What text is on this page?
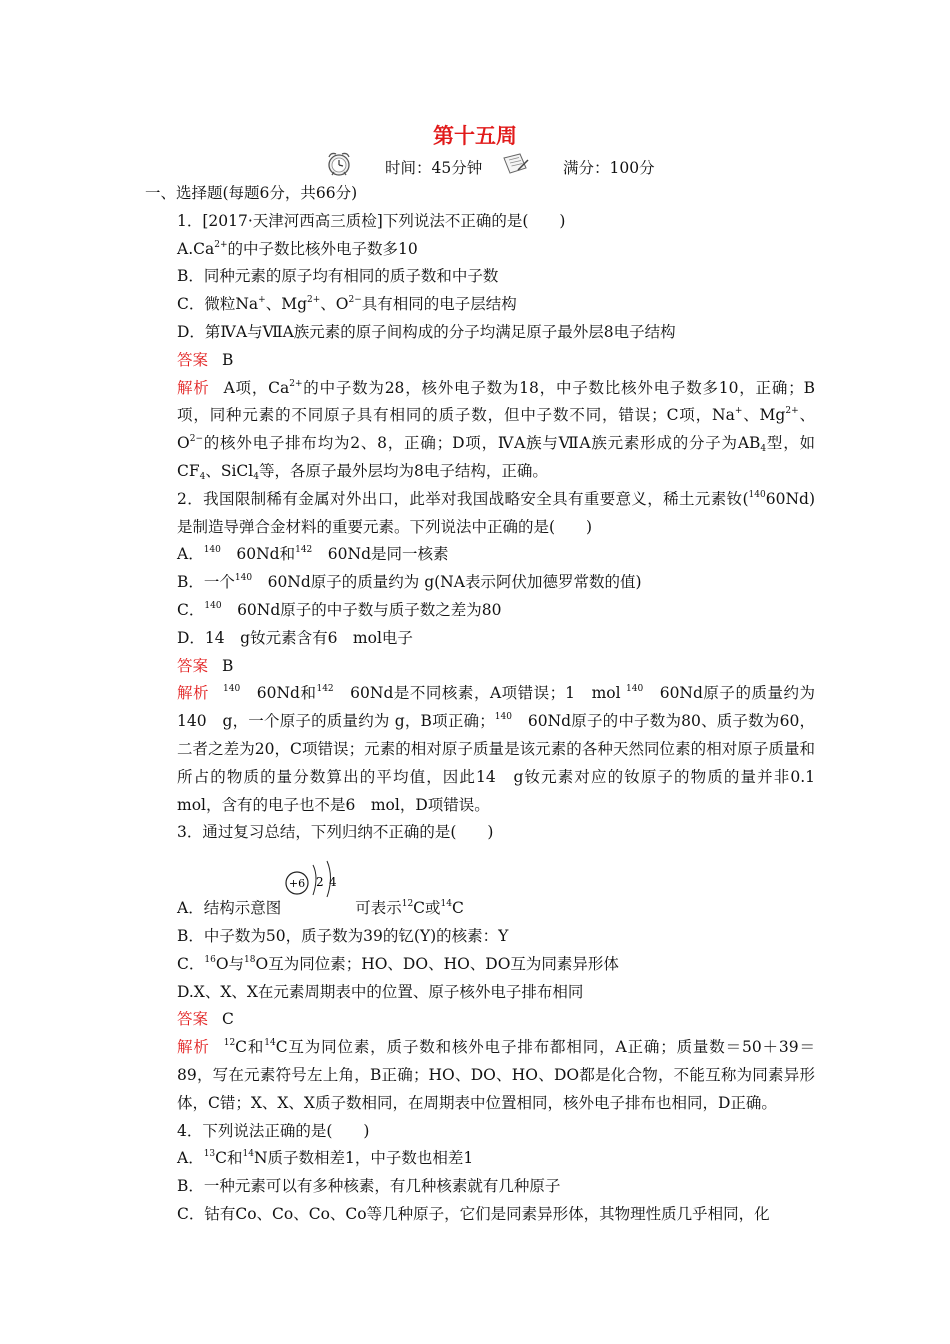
第十五周
时间：45分钟	满分：100分

一、选择题(每题6分，共66分)

1．[2017·天津河西高三质检]下列说法不正确的是(　　)

$A.Ca^{2+}$的中子数比核外电子数多10

B．同种元素的原子均有相同的质子数和中子数

C．微粒Na+、$Mg^{2+}$、$O^{2-}$具有相同的电子层结构

D．第ⅣA与ⅦA族元素的原子间构成的分子均满足原子最外层8电子结构

答案 B

解析 A项，$Ca^{2+}$的中子数为28，核外电子数为18，中子数比核外电子数多10，正确；B项，同种元素的不同原子具有相同的质子数，但中子数不同，错误；C项，Na+、$Mg^{2+}$、$O^{2-}$的核外电子排布均为2、8，正确；D项，ⅣA族与ⅦA族元素形成的分子为$AB_4$型，如$CF_4$、SiCl$_4$等，各原子最外层均为8电子结构，正确。

2．我国限制稀有金属对外出口，此举对我国战略安全具有重要意义，稀土元素钕($^{140}$60Nd)是制造导弹合金材料的重要元素。下列说法中正确的是(　　)

A．$^{140}$　60Nd和$^{142}$　60Nd是同一核素

B．一个$^{140}$　60Nd原子的质量约为 g(NA表示阿伏加德罗常数的值)

C．$^{140}$　60Nd原子的中子数与质子数之差为80

D．14　g钕元素含有6　mol电子

答案 B

解析 $^{140}$　60Nd和$^{142}$　60Nd是不同核素，A项错误；1　mol $^{140}$　60Nd原子的质量约为140　g，一个原子的质量约为 g，B项正确；$^{140}$　60Nd原子的中子数为80、质子数为60，二者之差为20，C项错误；元素的相对原子质量是该元素的各种天然同位素的相对原子质量和所占的物质的量分数算出的平均值，因此14　g钕元素对应的钕原子的物质的量并非0.1　mol，含有的电子也不是6　mol，D项错误。

3．通过复习总结，下列归纳不正确的是(　　)

A．结构示意图
+6 2 4
可表示$^{12}$C或$^{14}$C

B．中子数为50，质子数为39的钇(Y)的核素：Y

C．$^{16}$O与$^{18}$O互为同位素；HO、DO、HO、DO互为同素异形体

D.X、X、X在元素周期表中的位置、原子核外电子排布相同

答案 C

解析 $^{12}$C和$^{14}$C互为同位素，质子数和核外电子排布都相同，A正确；质量数＝50＋39＝89，写在元素符号左上角，B正确；HO、DO、HO、DO都是化合物，不能互称为同素异形体，C错；X、X、X质子数相同，在周期表中位置相同，核外电子排布也相同，D正确。

4．下列说法正确的是(　　)

A．$^{13}$C和$^{14}$N质子数相差1，中子数也相差1

B．一种元素可以有多种核素，有几种核素就有几种原子

C．钴有Co、Co、Co、Co等几种原子，它们是同素异形体，其物理性质几乎相同，化
